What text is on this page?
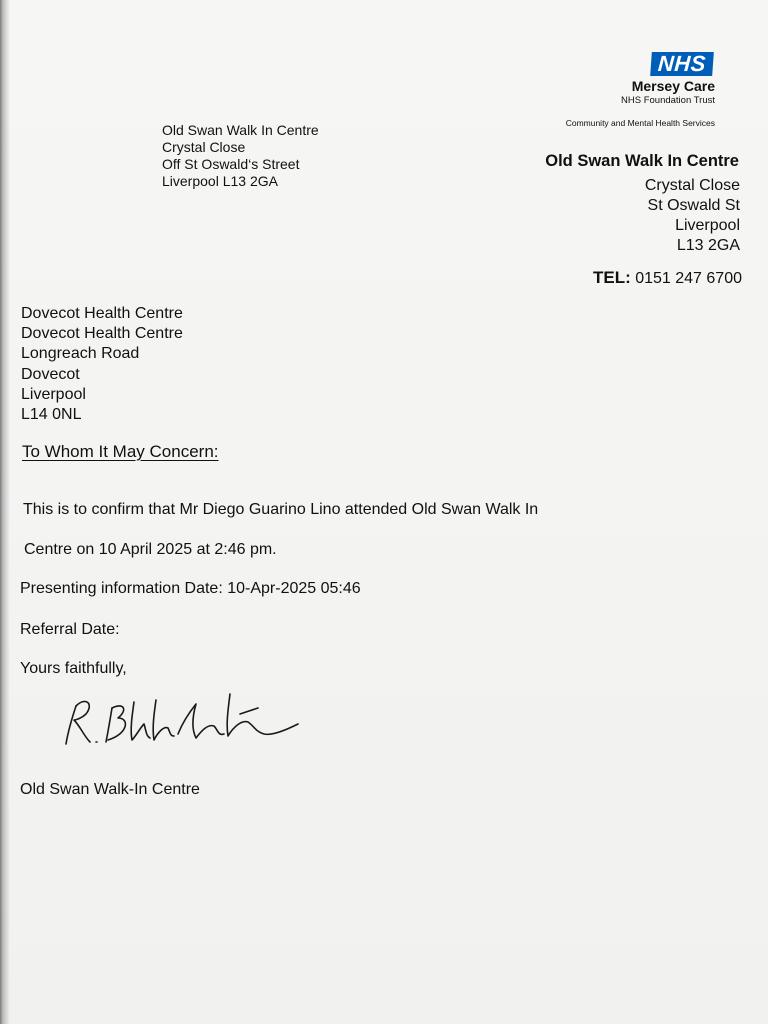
NHS
Mersey Care
NHS Foundation Trust
Community and Mental Health Services
Old Swan Walk In Centre
Crystal Close
Off St Oswald‘s Street
Liverpool L13 2GA
Old Swan Walk In Centre
Crystal Close
St Oswald St
Liverpool
L13 2GA
TEL: 0151 247 6700
Dovecot Health Centre
Dovecot Health Centre
Longreach Road
Dovecot
Liverpool
L14 0NL
To Whom It May Concern:
This is to confirm that Mr Diego Guarino Lino attended Old Swan Walk In
Centre on 10 April 2025 at 2:46 pm.
Presenting information Date: 10-Apr-2025 05:46
Referral Date:
Yours faithfully,
Old Swan Walk-In Centre
